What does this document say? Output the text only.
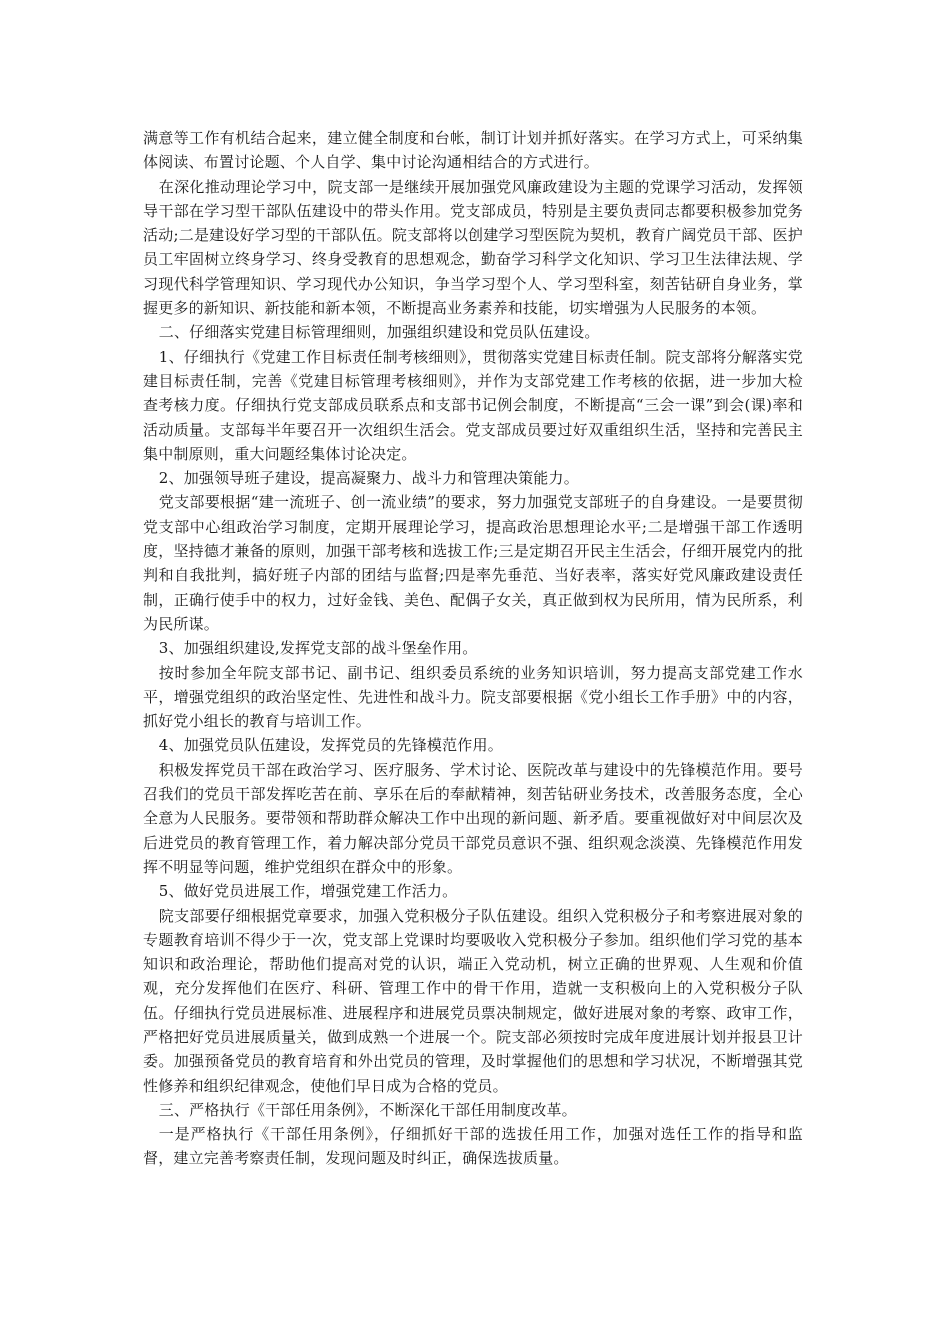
满意等工作有机结合起来，建立健全制度和台帐，制订计划并抓好落实。在学习方式上，可采纳集体阅读、布置讨论题、个人自学、集中讨论沟通相结合的方式进行。

在深化推动理论学习中，院支部一是继续开展加强党风廉政建设为主题的党课学习活动，发挥领导干部在学习型干部队伍建设中的带头作用。党支部成员，特别是主要负责同志都要积极参加党务活动;二是建设好学习型的干部队伍。院支部将以创建学习型医院为契机，教育广阔党员干部、医护员工牢固树立终身学习、终身受教育的思想观念，勤奋学习科学文化知识、学习卫生法律法规、学习现代科学管理知识、学习现代办公知识，争当学习型个人、学习型科室，刻苦钻研自身业务，掌握更多的新知识、新技能和新本领，不断提高业务素养和技能，切实增强为人民服务的本领。

二、仔细落实党建目标管理细则，加强组织建设和党员队伍建设。

1、仔细执行《党建工作目标责任制考核细则》，贯彻落实党建目标责任制。院支部将分解落实党建目标责任制，完善《党建目标管理考核细则》，并作为支部党建工作考核的依据，进一步加大检查考核力度。仔细执行党支部成员联系点和支部书记例会制度，不断提高“三会一课”到会(课)率和活动质量。支部每半年要召开一次组织生活会。党支部成员要过好双重组织生活，坚持和完善民主集中制原则，重大问题经集体讨论决定。

2、加强领导班子建设，提高凝聚力、战斗力和管理决策能力。

党支部要根据“建一流班子、创一流业绩”的要求，努力加强党支部班子的自身建设。一是要贯彻党支部中心组政治学习制度，定期开展理论学习，提高政治思想理论水平;二是增强干部工作透明度，坚持德才兼备的原则，加强干部考核和选拔工作;三是定期召开民主生活会，仔细开展党内的批判和自我批判，搞好班子内部的团结与监督;四是率先垂范、当好表率，落实好党风廉政建设责任制，正确行使手中的权力，过好金钱、美色、配偶子女关，真正做到权为民所用，情为民所系，利为民所谋。

3、加强组织建设,发挥党支部的战斗堡垒作用。

按时参加全年院支部书记、副书记、组织委员系统的业务知识培训，努力提高支部党建工作水平，增强党组织的政治坚定性、先进性和战斗力。院支部要根据《党小组长工作手册》中的内容，抓好党小组长的教育与培训工作。

4、加强党员队伍建设，发挥党员的先锋模范作用。

积极发挥党员干部在政治学习、医疗服务、学术讨论、医院改革与建设中的先锋模范作用。要号召我们的党员干部发挥吃苦在前、享乐在后的奉献精神，刻苦钻研业务技术，改善服务态度，全心全意为人民服务。要带领和帮助群众解决工作中出现的新问题、新矛盾。要重视做好对中间层次及后进党员的教育管理工作，着力解决部分党员干部党员意识不强、组织观念淡漠、先锋模范作用发挥不明显等问题，维护党组织在群众中的形象。

5、做好党员进展工作，增强党建工作活力。

院支部要仔细根据党章要求，加强入党积极分子队伍建设。组织入党积极分子和考察进展对象的专题教育培训不得少于一次，党支部上党课时均要吸收入党积极分子参加。组织他们学习党的基本知识和政治理论，帮助他们提高对党的认识，端正入党动机，树立正确的世界观、人生观和价值观，充分发挥他们在医疗、科研、管理工作中的骨干作用，造就一支积极向上的入党积极分子队伍。仔细执行党员进展标准、进展程序和进展党员票决制规定，做好进展对象的考察、政审工作，严格把好党员进展质量关，做到成熟一个进展一个。院支部必须按时完成年度进展计划并报县卫计委。加强预备党员的教育培育和外出党员的管理，及时掌握他们的思想和学习状况，不断增强其党性修养和组织纪律观念，使他们早日成为合格的党员。

三、严格执行《干部任用条例》，不断深化干部任用制度改革。

一是严格执行《干部任用条例》，仔细抓好干部的选拔任用工作，加强对选任工作的指导和监督，建立完善考察责任制，发现问题及时纠正，确保选拔质量。
